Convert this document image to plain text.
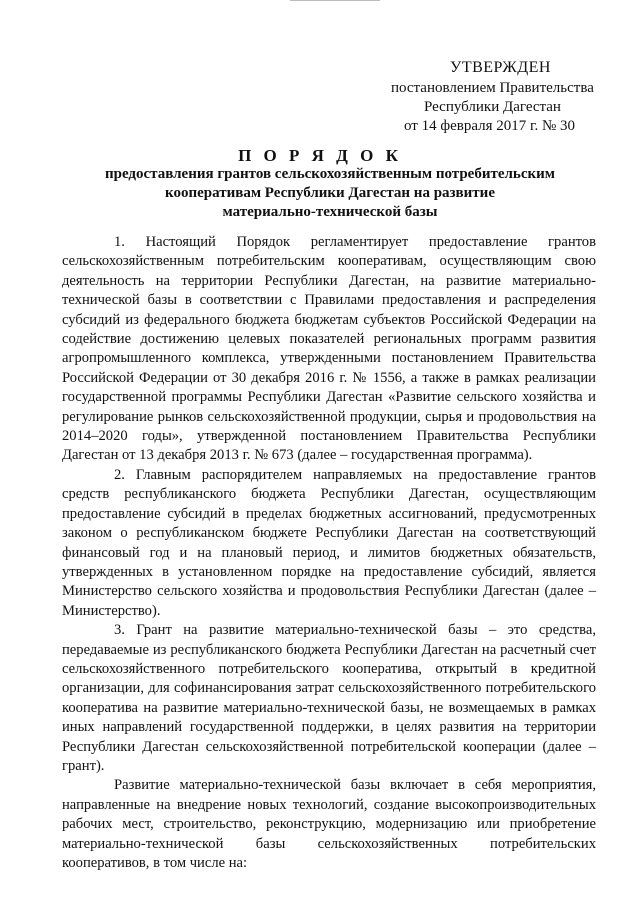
УТВЕРЖДЕН
постановлением Правительства
Республики Дагестан
от 14 февраля 2017 г. № 30
П О Р Я Д О К
предоставления грантов сельскохозяйственным потребительским
кооперативам Республики Дагестан на развитие
материально-технической базы

1. Настоящий Порядок регламентирует предоставление грантов сельскохозяйственным потребительским кооперативам, осуществляющим свою деятельность на территории Республики Дагестан, на развитие материально-технической базы в соответствии с Правилами предоставления и распределения субсидий из федерального бюджета бюджетам субъектов Российской Федерации на содействие достижению целевых показателей региональных программ развития агропромышленного комплекса, утвержденными постановлением Правительства Российской Федерации от 30 декабря 2016 г. № 1556, а также в рамках реализации государственной программы Республики Дагестан «Развитие сельского хозяйства и регулирование рынков сельскохозяйственной продукции, сырья и продовольствия на 2014–2020 годы», утвержденной постановлением Правительства Республики Дагестан от 13 декабря 2013 г. № 673 (далее – государственная программа).

2. Главным распорядителем направляемых на предоставление грантов средств республиканского бюджета Республики Дагестан, осуществляющим предоставление субсидий в пределах бюджетных ассигнований, предусмотренных законом о республиканском бюджете Республики Дагестан на соответствующий финансовый год и на плановый период, и лимитов бюджетных обязательств, утвержденных в установленном порядке на предоставление субсидий, является Министерство сельского хозяйства и продовольствия Республики Дагестан (далее – Министерство).

3. Грант на развитие материально-технической базы – это средства, передаваемые из республиканского бюджета Республики Дагестан на расчетный счет сельскохозяйственного потребительского кооператива, открытый в кредитной организации, для софинансирования затрат сельскохозяйственного потребительского кооператива на развитие материально-технической базы, не возмещаемых в рамках иных направлений государственной поддержки, в целях развития на территории Республики Дагестан сельскохозяйственной потребительской кооперации (далее – грант).

Развитие материально-технической базы включает в себя мероприятия, направленные на внедрение новых технологий, создание высокопроизводительных рабочих мест, строительство, реконструкцию, модернизацию или приобретение материально-технической базы сельскохозяйственных потребительских кооперативов, в том числе на:
